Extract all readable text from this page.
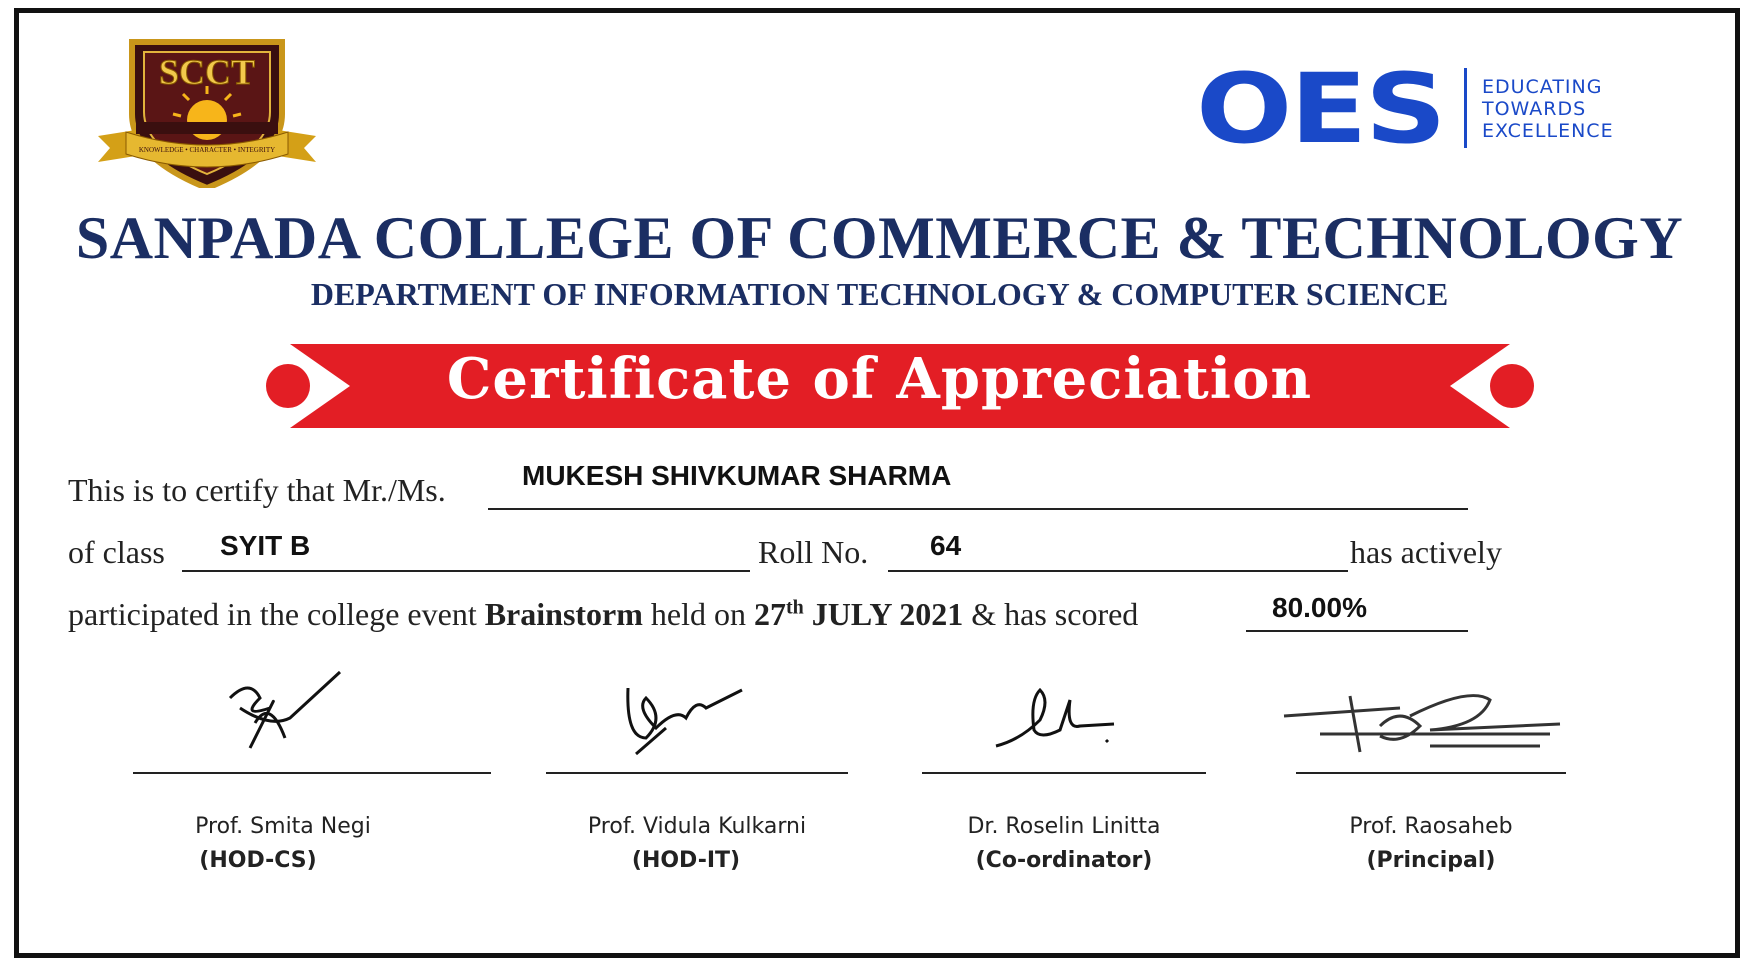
SCCT
KNOWLEDGE • CHARACTER • INTEGRITY	OES EDUCATING
TOWARDS
EXCELLENCE
SANPADA COLLEGE OF COMMERCE & TECHNOLOGY
DEPARTMENT OF INFORMATION TECHNOLOGY & COMPUTER SCIENCE
Certificate of Appreciation
This is to certify that Mr./Ms.	MUKESH SHIVKUMAR SHARMA
of class SYIT B	Roll No. 64	has actively
participated in the college event Brainstorm held on 27th JULY 2021 & has scored	80.00%
Prof. Smita Negi
(HOD-CS)
Prof. Vidula Kulkarni
(HOD-IT)
Dr. Roselin Linitta
(Co-ordinator)
Prof. Raosaheb
(Principal)
